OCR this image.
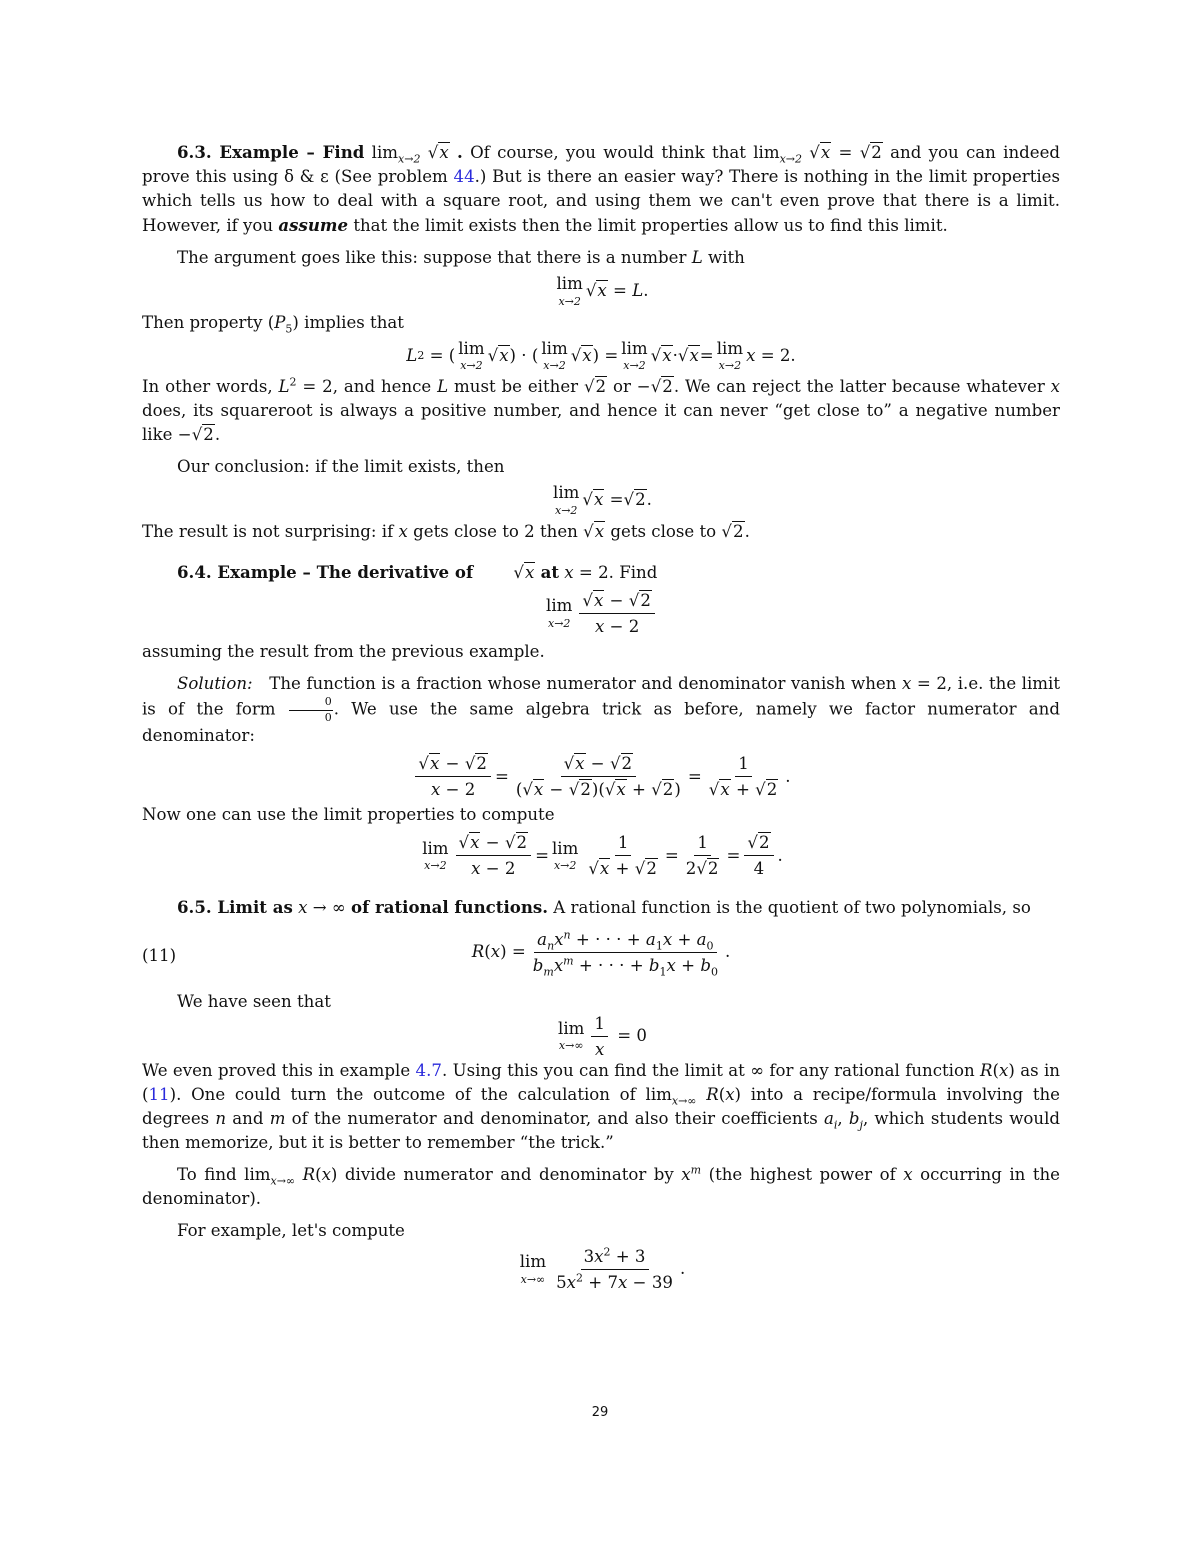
6.3. Example – Find $\lim_{x\to 2} √x$ . Of course, you would think that $\lim_{x\to 2} √x = √2$ and you can indeed prove this using δ & ε (See problem 44.) But is there an easier way? There is nothing in the limit properties which tells us how to deal with a square root, and using them we can't even prove that there is a limit. However, if you assume that the limit exists then the limit properties allow us to find this limit.

The argument goes like this: suppose that there is a number L with

lim
x→2
√x = L .

Then property $(P_5)$ implies that

L 2 = ( lim
x→2
√x ) · ( lim
x→2
√x ) = lim
x→2
√x · √x = lim
x→2
x = 2.

In other words, $L^2 = 2$, and hence L must be either √2 or −√2. We can reject the latter because whatever x does, its squareroot is always a positive number, and hence it can never “get close to” a negative number like −√2.

Our conclusion: if the limit exists, then

lim
x→2
√x = √2 .

The result is not surprising: if x gets close to 2 then √x gets close to √2.

6.4. Example – The derivative of √x at x = 2. Find

lim
$x\to 2 \frac{√x - √2}{x - 2}$

assuming the result from the previous example.

Solution: The function is a fraction whose numerator and denominator vanish when x = 2, i.e. the limit is of the form $\frac{0}{0}$ . We use the same algebra trick as before, namely we factor numerator and denominator:

$\frac{√x - √2}{x - 2} = \frac{√x - √2}{(√x - √2)(√x + √2)} = \frac{1}{√x + √2}$ .

Now one can use the limit properties to compute

lim
$x\to 2 \frac{√x - √2}{x - 2} = \lim$
$x\to 2 \frac{1}{√x + √2} = \frac{1}{2√2} = \frac{√2}{4}$ .

6.5. Limit as x → ∞ of rational functions. A rational function is the quotient of two polynomials, so

(11)	R ( x ) = $\frac{a_nx^n + \cdot \cdot \cdot + a_1x + a_0}{b_mx^m + \cdot \cdot \cdot + b_1x + b_0}$ .

We have seen that

lim
$x\to\infty \frac{1}{x} = 0$

We even proved this in example 4.7. Using this you can find the limit at ∞ for any rational function R(x) as in (11). One could turn the outcome of the calculation of $\lim_{x\to\infty} R(x)$ into a recipe/formula involving the degrees n and m of the numerator and denominator, and also their coefficients $a_i$, $b_j$, which students would then memorize, but it is better to remember “the trick.”

To find $\lim_{x\to\infty} R(x)$ divide numerator and denominator by $x^m$ (the highest power of x occurring in the denominator).

For example, let's compute

lim
$x\to\infty \frac{3x^2 + 3}{5x^2 + 7x - 39}$ .
29
